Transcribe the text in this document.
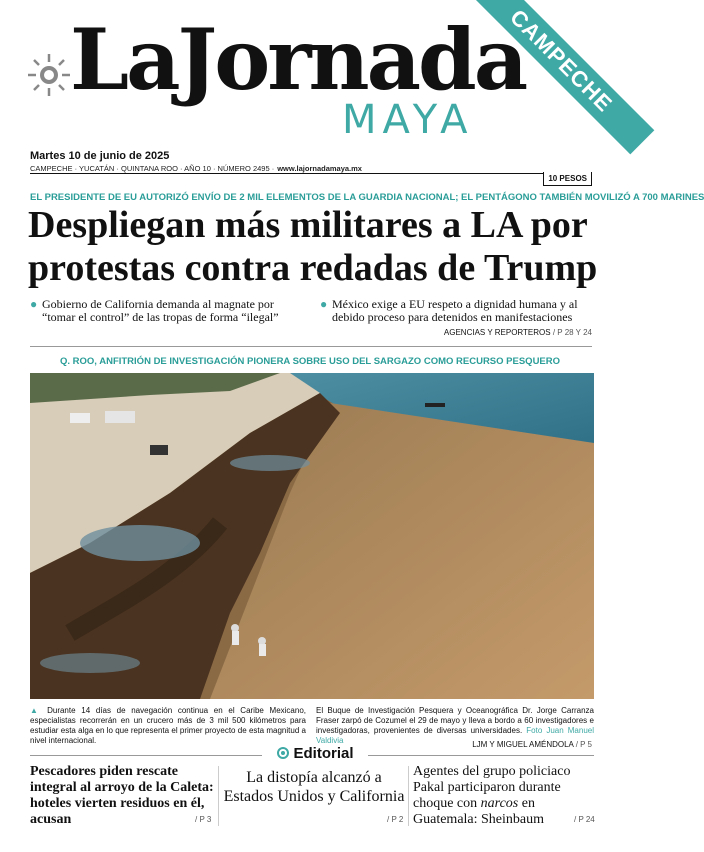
LaJornada
MAYA
CAMPECHE
Martes 10 de junio de 2025
CAMPECHE · YUCATÁN · QUINTANA ROO · AÑO 10 · NÚMERO 2495 · www.lajornadamaya.mx
10 PESOS
EL PRESIDENTE DE EU AUTORIZÓ ENVÍO DE 2 MIL ELEMENTOS DE LA GUARDIA NACIONAL; EL PENTÁGONO TAMBIÉN MOVILIZÓ A 700 MARINES
Despliegan más militares a LA por protestas contra redadas de Trump
● Gobierno de California demanda al magnate por “tomar el control” de las tropas de forma “ilegal”
● México exige a EU respeto a dignidad humana y al debido proceso para detenidos en manifestaciones
AGENCIAS Y REPORTEROS / P 28 Y 24
Q. ROO, ANFITRIÓN DE INVESTIGACIÓN PIONERA SOBRE USO DEL SARGAZO COMO RECURSO PESQUERO
▲ Durante 14 días de navegación continua en el Caribe Mexicano, especialistas recorrerán en un crucero más de 3 mil 500 kilómetros para estudiar esta alga en lo que representa el primer proyecto de esta magnitud a nivel internacional.
El Buque de Investigación Pesquera y Oceanográfica Dr. Jorge Carranza Fraser zarpó de Cozumel el 29 de mayo y lleva a bordo a 60 investigadores e investigadoras, provenientes de diversas universidades. Foto Juan Manuel Valdivia	LJM Y MIGUEL AMÉNDOLA / P 5
Editorial
Pescadores piden rescate integral al arroyo de la Caleta: hoteles vierten residuos en él, acusan
La distopía alcanzó a Estados Unidos y California
Agentes del grupo policiaco Pakal participaron durante choque con narcos en Guatemala: Sheinbaum
/ P 3	/ P 2	/ P 24
